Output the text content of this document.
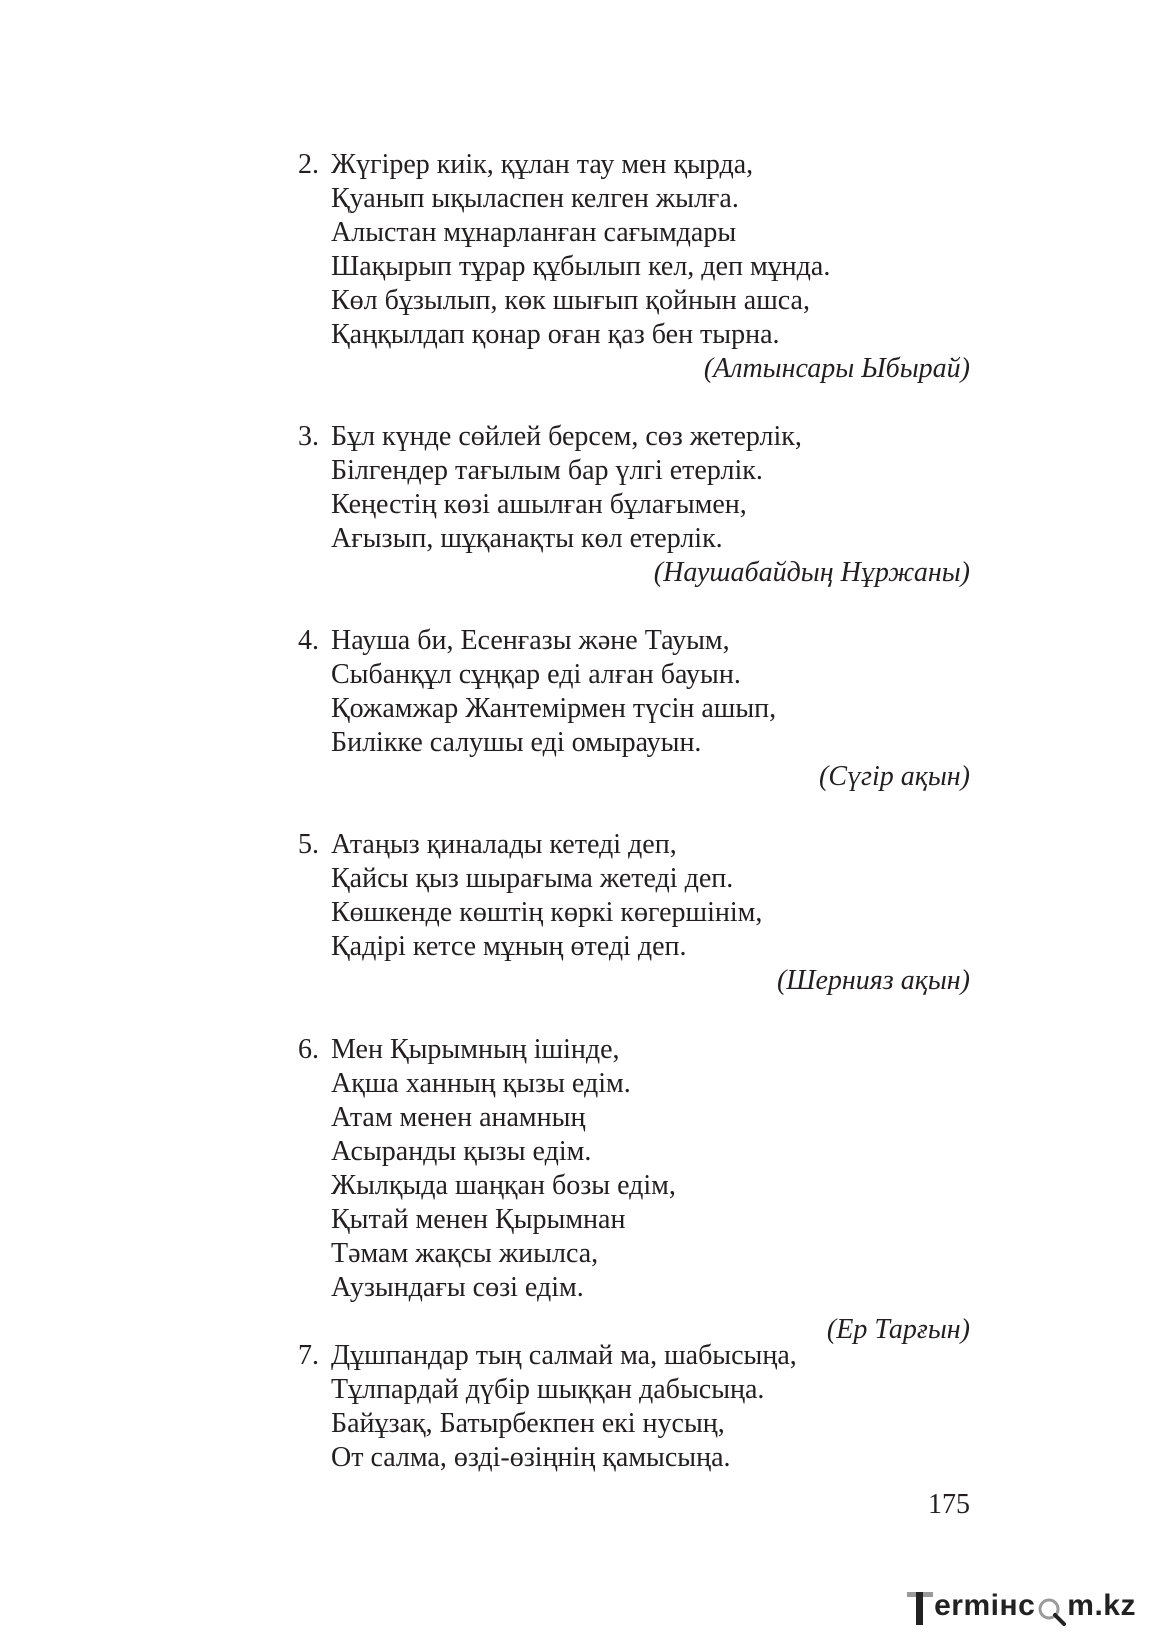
2. Жүгірер киік, құлан тау мен қырда,
Қуанып ықыласпен келген жылға.
Алыстан мұнарланған сағымдары
Шақырып тұрар құбылып кел, деп мұнда.
Көл бұзылып, көк шығып қойнын ашса,
Қаңқылдап қонар оған қаз бен тырна.
(Алтынсары Ыбырай)
3. Бұл күнде сөйлей берсем, сөз жетерлік,
Білгендер тағылым бар үлгі етерлік.
Кеңестің көзі ашылған бұлағымен,
Ағызып, шұқанақты көл етерлік.
(Наушабайдың Нұржаны)
4. Науша би, Есенғазы және Тауым,
Сыбанқұл сұңқар еді алған бауын.
Қожамжар Жантемірмен түсін ашып,
Билікке салушы еді омырауын.
(Сүгір ақын)
5. Атаңыз қиналады кетеді деп,
Қайсы қыз шырағыма жетеді деп.
Көшкенде көштің көркі көгершінім,
Қадірі кетсе мұның өтеді деп.
(Шернияз ақын)
6. Мен Қырымның ішінде,
Ақша ханның қызы едім.
Атам менен анамның
Асыранды қызы едім.
Жылқыда шаңқан бозы едім,
Қытай менен Қырымнан
Тәмам жақсы жиылса,
Аузындағы сөзі едім.
(Ер Тарғын)
7. Дұшпандар тың салмай ма, шабысыңа,
Тұлпардай дүбір шыққан дабысыңа.
Байұзақ, Батырбекпен екі нусың,
От салма, өзді-өзіңнің қамысыңа.
175
ermінc m.kz
